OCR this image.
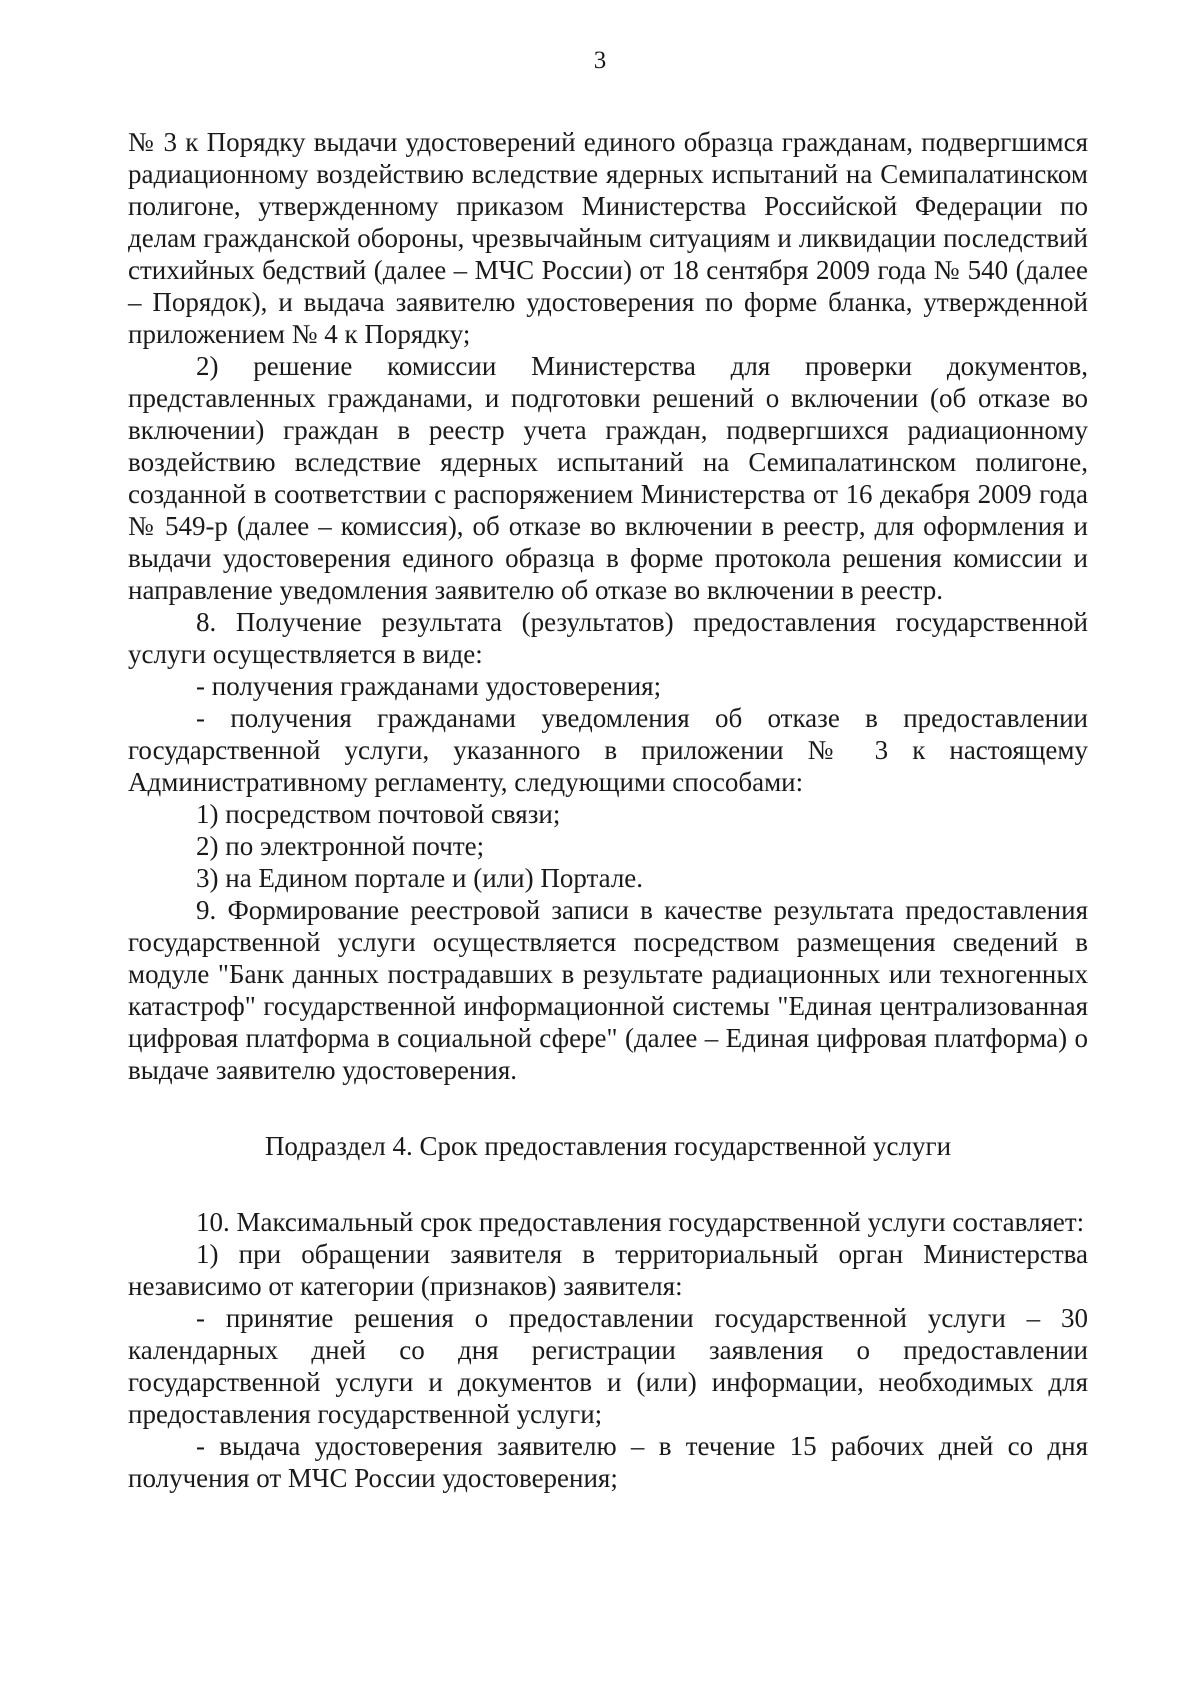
3

№ 3 к Порядку выдачи удостоверений единого образца гражданам, подвергшимся радиационному воздействию вследствие ядерных испытаний на Семипалатинском полигоне, утвержденному приказом Министерства Российской Федерации по делам гражданской обороны, чрезвычайным ситуациям и ликвидации последствий стихийных бедствий (далее – МЧС России) от 18 сентября 2009 года № 540 (далее – Порядок), и выдача заявителю удостоверения по форме бланка, утвержденной приложением № 4 к Порядку;

2) решение комиссии Министерства для проверки документов, представленных гражданами, и подготовки решений о включении (об отказе во включении) граждан в реестр учета граждан, подвергшихся радиационному воздействию вследствие ядерных испытаний на Семипалатинском полигоне, созданной в соответствии с распоряжением Министерства от 16 декабря 2009 года № 549-р (далее – комиссия), об отказе во включении в реестр, для оформления и выдачи удостоверения единого образца в форме протокола решения комиссии и направление уведомления заявителю об отказе во включении в реестр.

8. Получение результата (результатов) предоставления государственной услуги осуществляется в виде:

- получения гражданами удостоверения;

- получения гражданами уведомления об отказе в предоставлении государственной услуги, указанного в приложении № 3 к настоящему Административному регламенту, следующими способами:

1) посредством почтовой связи;

2) по электронной почте;

3) на Едином портале и (или) Портале.

9. Формирование реестровой записи в качестве результата предоставления государственной услуги осуществляется посредством размещения сведений в модуле "Банк данных пострадавших в результате радиационных или техногенных катастроф" государственной информационной системы "Единая централизованная цифровая платформа в социальной сфере" (далее – Единая цифровая платформа) о выдаче заявителю удостоверения.

Подраздел 4. Срок предоставления государственной услуги

10. Максимальный срок предоставления государственной услуги составляет:

1) при обращении заявителя в территориальный орган Министерства независимо от категории (признаков) заявителя:

- принятие решения о предоставлении государственной услуги – 30 календарных дней со дня регистрации заявления о предоставлении государственной услуги и документов и (или) информации, необходимых для предоставления государственной услуги;

- выдача удостоверения заявителю – в течение 15 рабочих дней со дня получения от МЧС России удостоверения;
